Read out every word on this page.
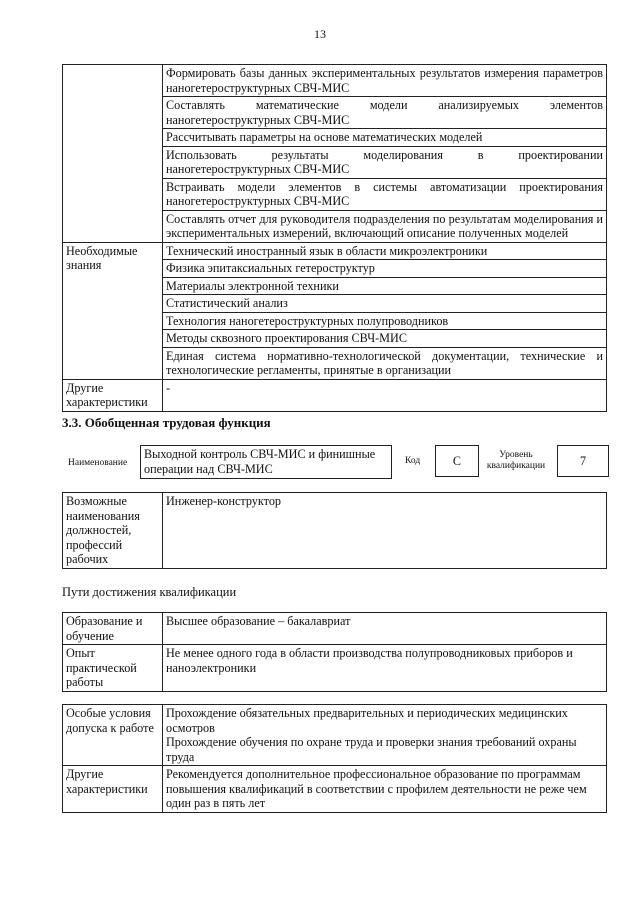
13
	Формировать базы данных экспериментальных результатов измерения параметров наногетероструктурных СВЧ-МИС
	Составлять математические модели анализируемых элементов наногетероструктурных СВЧ-МИС
	Рассчитывать параметры на основе математических моделей
	Использовать результаты моделирования в проектировании наногетероструктурных СВЧ-МИС
	Встраивать модели элементов в системы автоматизации проектирования наногетероструктурных СВЧ-МИС
	Составлять отчет для руководителя подразделения по результатам моделирования и экспериментальных измерений, включающий описание полученных моделей
Необходимые знания	Технический иностранный язык в области микроэлектроники
	Физика эпитаксиальных гетероструктур
	Материалы электронной техники
	Статистический анализ
	Технология наногетероструктурных полупроводников
	Методы сквозного проектирования СВЧ-МИС
	Единая система нормативно-технологической документации, технические и технологические регламенты, принятые в организации
Другие характеристики	-
3.3. Обобщенная трудовая функция
Наименование
Выходной контроль СВЧ-МИС и финишные операции над СВЧ-МИС
Код	С	Уровень квалификации	7
Возможные наименования должностей, профессий рабочих	Инженер-конструктор
Пути достижения квалификации
Образование и обучение	Высшее образование – бакалавриат
Опыт практической работы	Не менее одного года в области производства полупроводниковых приборов и наноэлектроники
Особые условия допуска к работе	Прохождение обязательных предварительных и периодических медицинских осмотров
Прохождение обучения по охране труда и проверки знания требований охраны труда

Другие характеристики	Рекомендуется дополнительное профессиональное образование по программам повышения квалификаций в соответствии с профилем деятельности не реже чем один раз в пять лет
